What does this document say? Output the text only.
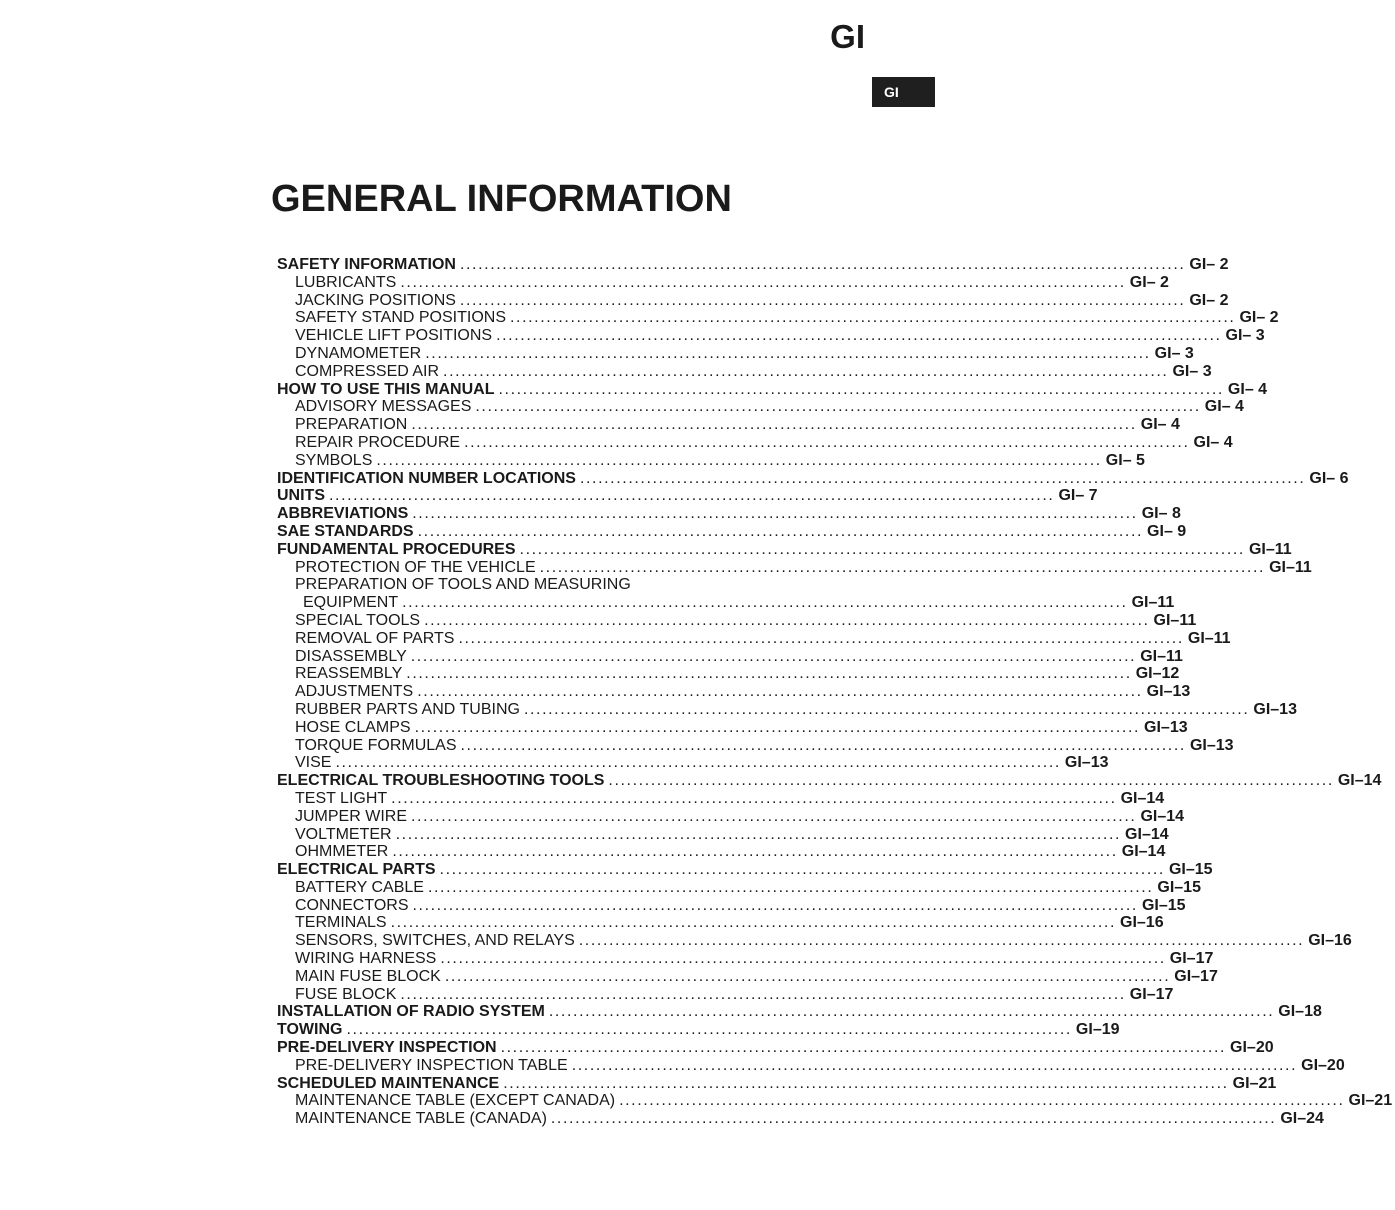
GI
GI
GENERAL INFORMATION
SAFETY INFORMATION ........................................................................................................................ GI– 2
LUBRICANTS ........................................................................................................................ GI– 2
JACKING POSITIONS ........................................................................................................................ GI– 2
SAFETY STAND POSITIONS ........................................................................................................................ GI– 2
VEHICLE LIFT POSITIONS ........................................................................................................................ GI– 3
DYNAMOMETER ........................................................................................................................ GI– 3
COMPRESSED AIR ........................................................................................................................ GI– 3
HOW TO USE THIS MANUAL ........................................................................................................................ GI– 4
ADVISORY MESSAGES ........................................................................................................................ GI– 4
PREPARATION ........................................................................................................................ GI– 4
REPAIR PROCEDURE ........................................................................................................................ GI– 4
SYMBOLS ........................................................................................................................ GI– 5
IDENTIFICATION NUMBER LOCATIONS ........................................................................................................................ GI– 6
UNITS ........................................................................................................................ GI– 7
ABBREVIATIONS ........................................................................................................................ GI– 8
SAE STANDARDS ........................................................................................................................ GI– 9
FUNDAMENTAL PROCEDURES ........................................................................................................................ GI–11
PROTECTION OF THE VEHICLE ........................................................................................................................ GI–11
PREPARATION OF TOOLS AND MEASURING
EQUIPMENT ........................................................................................................................ GI–11
SPECIAL TOOLS ........................................................................................................................ GI–11
REMOVAL OF PARTS ........................................................................................................................ GI–11
DISASSEMBLY ........................................................................................................................ GI–11
REASSEMBLY ........................................................................................................................ GI–12
ADJUSTMENTS ........................................................................................................................ GI–13
RUBBER PARTS AND TUBING ........................................................................................................................ GI–13
HOSE CLAMPS ........................................................................................................................ GI–13
TORQUE FORMULAS ........................................................................................................................ GI–13
VISE ........................................................................................................................ GI–13
ELECTRICAL TROUBLESHOOTING TOOLS ........................................................................................................................ GI–14
TEST LIGHT ........................................................................................................................ GI–14
JUMPER WIRE ........................................................................................................................ GI–14
VOLTMETER ........................................................................................................................ GI–14
OHMMETER ........................................................................................................................ GI–14
ELECTRICAL PARTS ........................................................................................................................ GI–15
BATTERY CABLE ........................................................................................................................ GI–15
CONNECTORS ........................................................................................................................ GI–15
TERMINALS ........................................................................................................................ GI–16
SENSORS, SWITCHES, AND RELAYS ........................................................................................................................ GI–16
WIRING HARNESS ........................................................................................................................ GI–17
MAIN FUSE BLOCK ........................................................................................................................ GI–17
FUSE BLOCK ........................................................................................................................ GI–17
INSTALLATION OF RADIO SYSTEM ........................................................................................................................ GI–18
TOWING ........................................................................................................................ GI–19
PRE-DELIVERY INSPECTION ........................................................................................................................ GI–20
PRE-DELIVERY INSPECTION TABLE ........................................................................................................................ GI–20
SCHEDULED MAINTENANCE ........................................................................................................................ GI–21
MAINTENANCE TABLE (EXCEPT CANADA) ........................................................................................................................ GI–21
MAINTENANCE TABLE (CANADA) ........................................................................................................................ GI–24
